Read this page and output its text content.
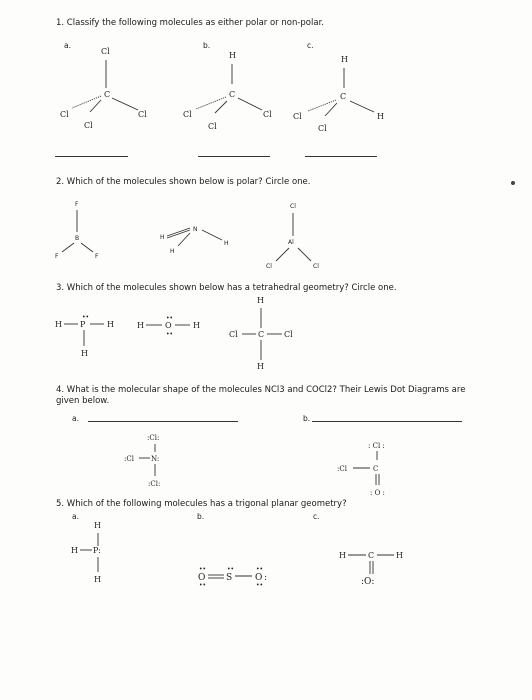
1. Classify the following molecules as either polar or non-polar.
a.	b.	c.
Cl
C
Cl	Cl
Cl
H
C
Cl	Cl
Cl
H
C
Cl	H
Cl
2. Which of the molecules shown below is polar? Circle one.
F
B
F	F
H
N
H
H
Cl
Al
Cl	Cl
3. Which of the molecules shown below has a tetrahedral geometry? Circle one.
H P
••
H
H
H	O
••
••
H
H
Cl	C Cl
H
4. What is the molecular shape of the molecules NCl3 and COCl2? Their Lewis Dot Diagrams are given below.
a.	b.
:Cl:
:Cl N:
:Cl:
: Cl :
:Cl	C
: O :
5. Which of the following molecules has a trigonal planar geometry?
a.	b.	c.
H
H P:
H	O
••
••
S
••
O
••
••
:
H	C	H
:O:
